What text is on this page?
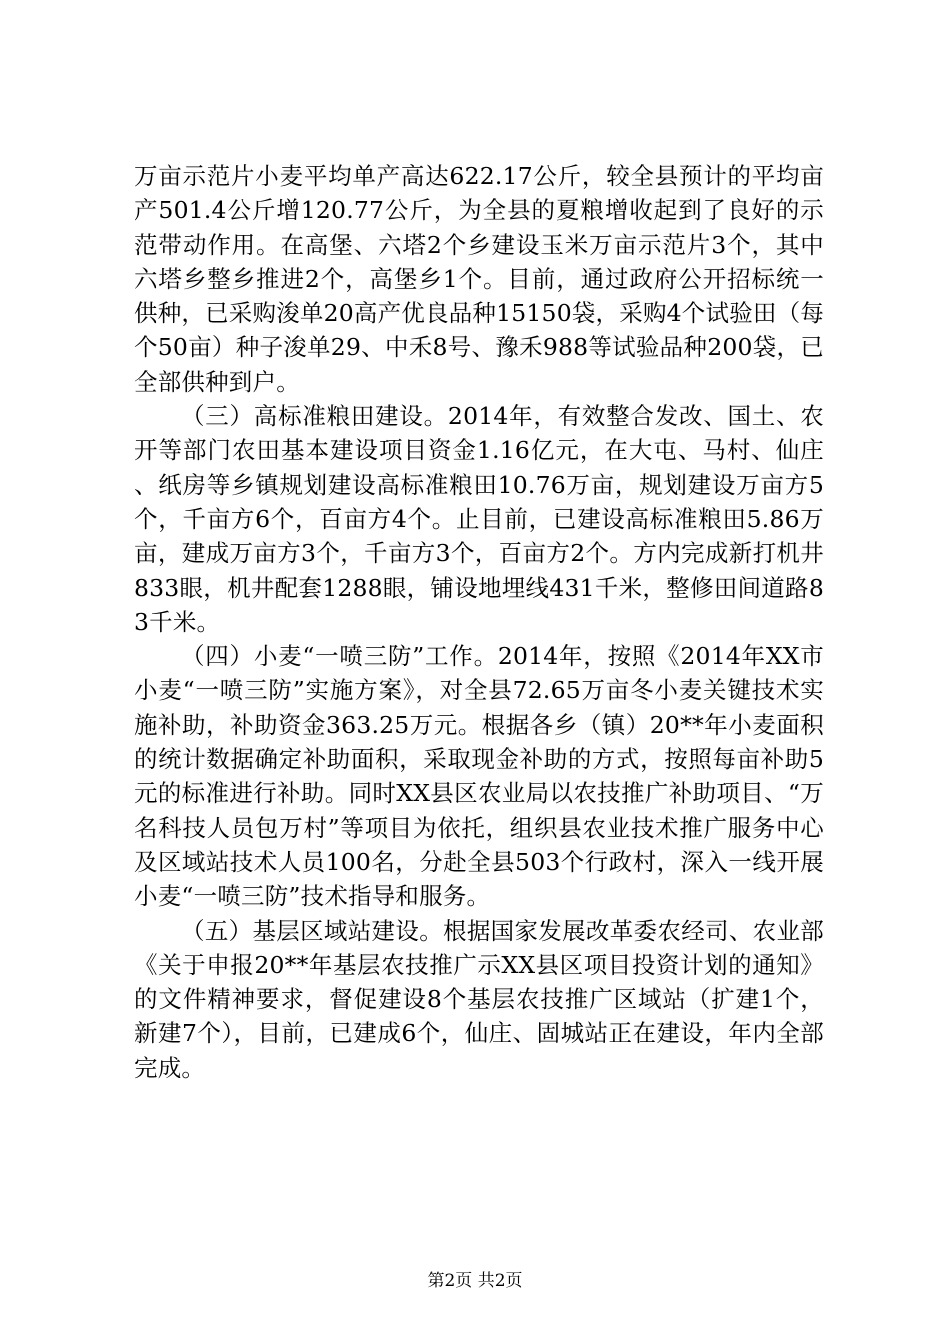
万亩示范片小麦平均单产高达622.17公斤，较全县预计的平均亩产501.4公斤增120.77公斤，为全县的夏粮增收起到了良好的示范带动作用。在高堡、六塔2个乡建设玉米万亩示范片3个，其中六塔乡整乡推进2个，高堡乡1个。目前，通过政府公开招标统一供种，已采购浚单20高产优良品种15150袋，采购4个试验田（每个50亩）种子浚单29、中禾8号、豫禾988等试验品种200袋，已全部供种到户。

（三）高标准粮田建设。2014年，有效整合发改、国土、农开等部门农田基本建设项目资金1.16亿元，在大屯、马村、仙庄、纸房等乡镇规划建设高标准粮田10.76万亩，规划建设万亩方5个，千亩方6个，百亩方4个。止目前，已建设高标准粮田5.86万亩，建成万亩方3个，千亩方3个，百亩方2个。方内完成新打机井833眼，机井配套1288眼，铺设地埋线431千米，整修田间道路83千米。

（四）小麦“一喷三防”工作。2014年，按照《2014年XX市小麦“一喷三防”实施方案》，对全县72.65万亩冬小麦关键技术实施补助，补助资金363.25万元。根据各乡（镇）20**年小麦面积的统计数据确定补助面积，采取现金补助的方式，按照每亩补助5元的标准进行补助。同时XX县区农业局以农技推广补助项目、“万名科技人员包万村”等项目为依托，组织县农业技术推广服务中心及区域站技术人员100名，分赴全县503个行政村，深入一线开展小麦“一喷三防”技术指导和服务。

（五）基层区域站建设。根据国家发展改革委农经司、农业部《关于申报20**年基层农技推广示XX县区项目投资计划的通知》的文件精神要求，督促建设8个基层农技推广区域站（扩建1个，新建7个），目前，已建成6个，仙庄、固城站正在建设，年内全部完成。

第2页 共2页
